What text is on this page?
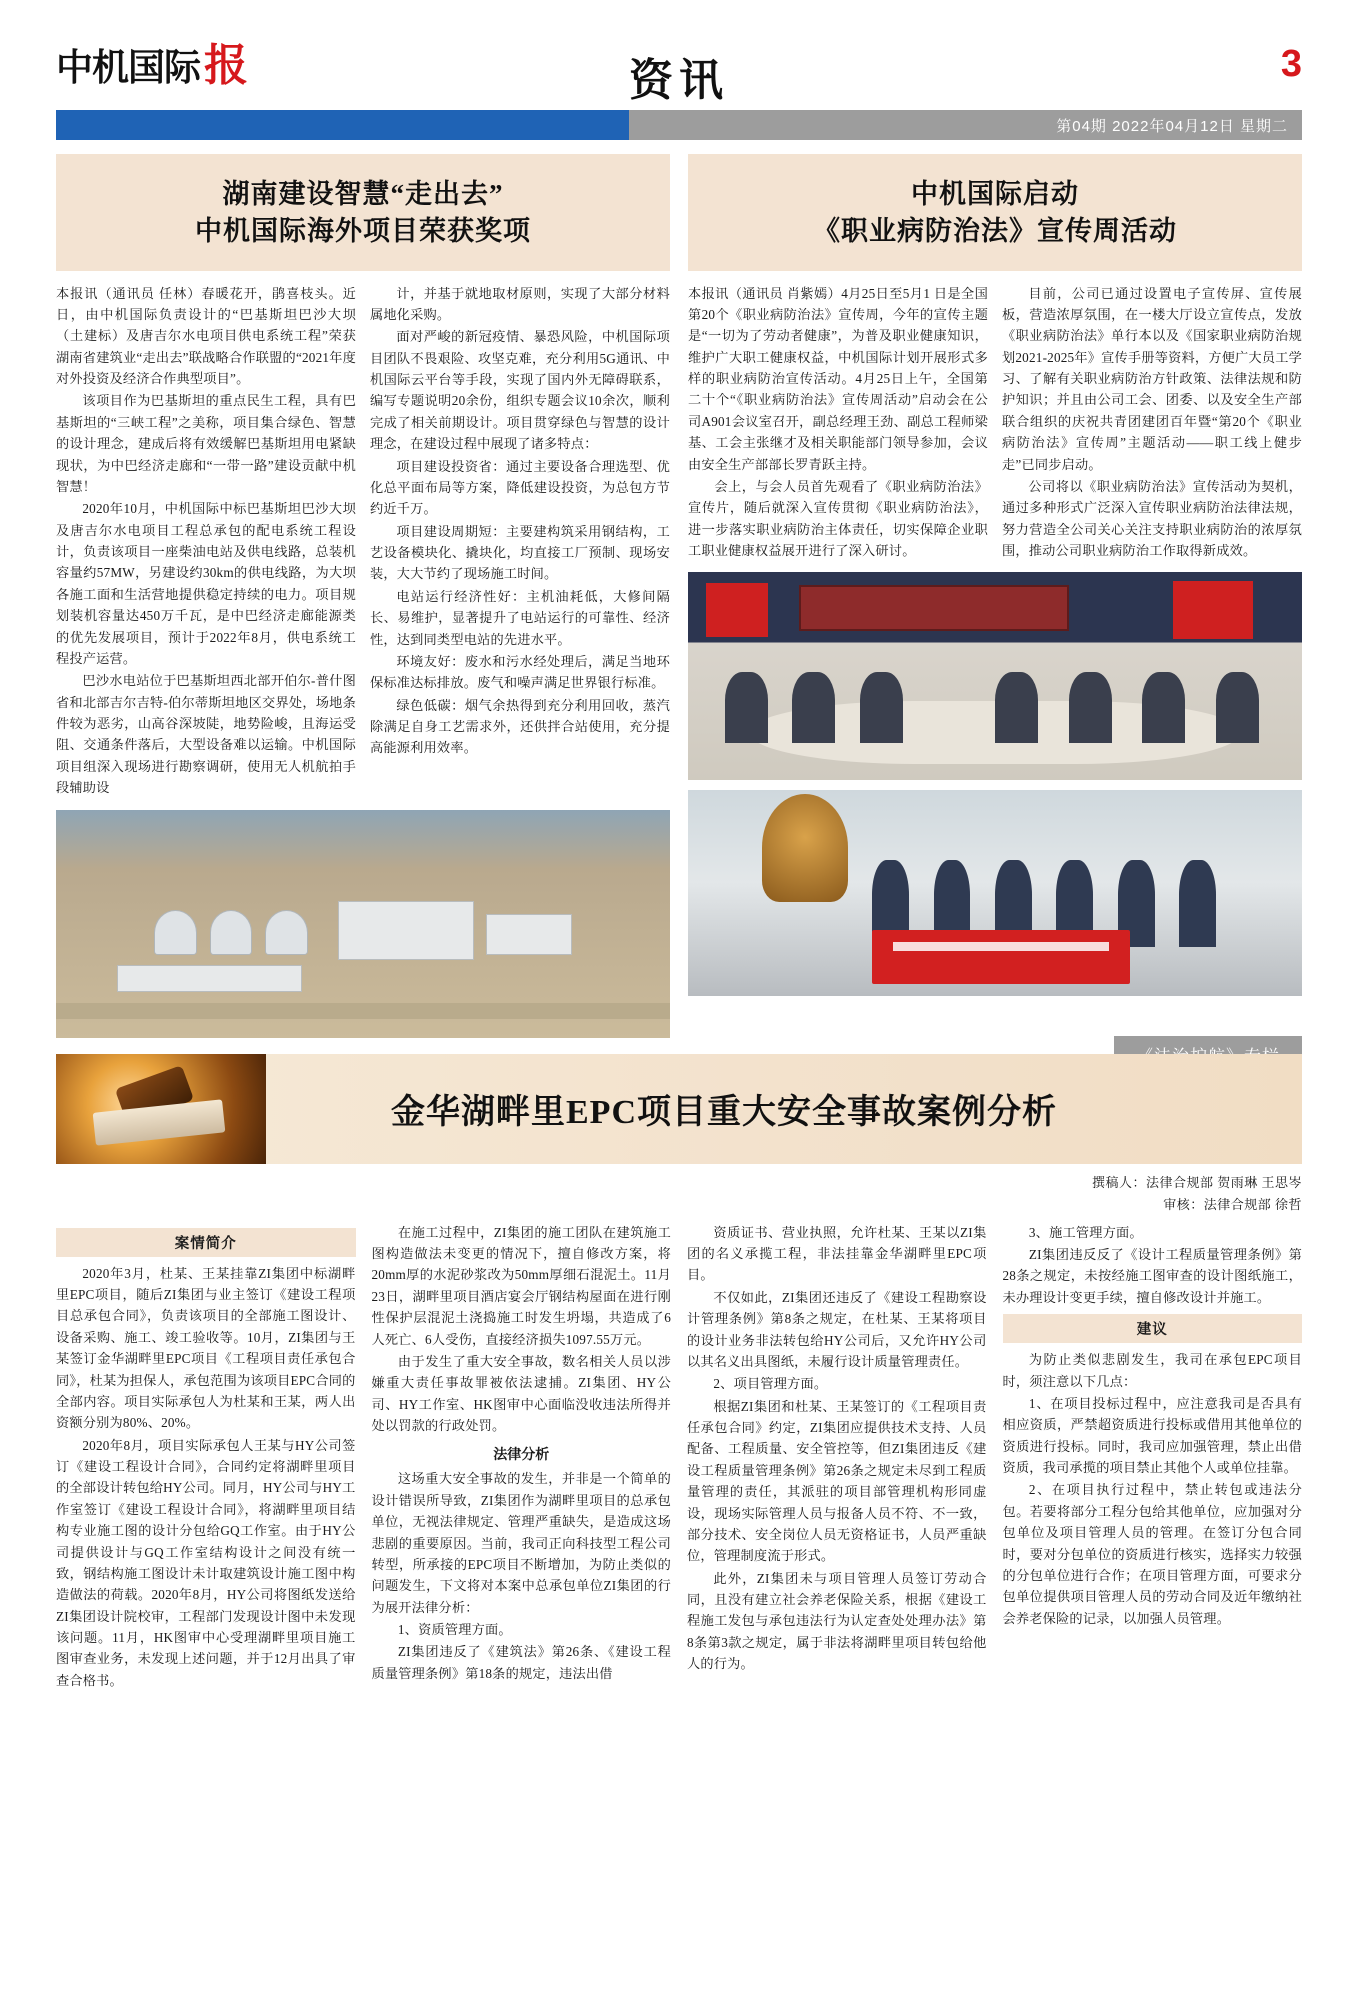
中机国际 报	资讯	3
第04期 2022年04月12日 星期二
湖南建设智慧“走出去”
中机国际海外项目荣获奖项

本报讯（通讯员 任林）春暖花开，鹃喜枝头。近日，由中机国际负责设计的“巴基斯坦巴沙大坝（土建标）及唐吉尔水电项目供电系统工程”荣获湖南省建筑业“走出去”联战略合作联盟的“2021年度对外投资及经济合作典型项目”。

该项目作为巴基斯坦的重点民生工程，具有巴基斯坦的“三峡工程”之美称，项目集合绿色、智慧的设计理念，建成后将有效缓解巴基斯坦用电紧缺现状，为中巴经济走廊和“一带一路”建设贡献中机智慧！

2020年10月，中机国际中标巴基斯坦巴沙大坝及唐吉尔水电项目工程总承包的配电系统工程设计，负责该项目一座柴油电站及供电线路，总装机容量约57MW，另建设约30km的供电线路，为大坝各施工面和生活营地提供稳定持续的电力。项目规划装机容量达450万千瓦，是中巴经济走廊能源类的优先发展项目，预计于2022年8月，供电系统工程投产运营。

巴沙水电站位于巴基斯坦西北部开伯尔-普什图省和北部吉尔吉特-伯尔蒂斯坦地区交界处，场地条件较为恶劣，山高谷深坡陡，地势险峻，且海运受阻、交通条件落后，大型设备难以运输。中机国际项目组深入现场进行勘察调研，使用无人机航拍手段辅助设

计，并基于就地取材原则，实现了大部分材料属地化采购。

面对严峻的新冠疫情、暴恐风险，中机国际项目团队不畏艰险、攻坚克难，充分利用5G通讯、中机国际云平台等手段，实现了国内外无障碍联系，编写专题说明20余份，组织专题会议10余次，顺利完成了相关前期设计。项目贯穿绿色与智慧的设计理念，在建设过程中展现了诸多特点：

项目建设投资省：通过主要设备合理选型、优化总平面布局等方案，降低建设投资，为总包方节约近千万。

项目建设周期短：主要建构筑采用钢结构，工艺设备模块化、撬块化，均直接工厂预制、现场安装，大大节约了现场施工时间。

电站运行经济性好：主机油耗低，大修间隔长、易维护，显著提升了电站运行的可靠性、经济性，达到同类型电站的先进水平。

环境友好：废水和污水经处理后，满足当地环保标准达标排放。废气和噪声满足世界银行标准。

绿色低碳：烟气余热得到充分利用回收，蒸汽除满足自身工艺需求外，还供拌合站使用，充分提高能源利用效率。

中机国际启动
《职业病防治法》宣传周活动

本报讯（通讯员 肖紫嫣）4月25日至5月1 日是全国第20个《职业病防治法》宣传周，今年的宣传主题是“一切为了劳动者健康”，为普及职业健康知识，维护广大职工健康权益，中机国际计划开展形式多样的职业病防治宣传活动。4月25日上午，全国第二十个“《职业病防治法》宣传周活动”启动会在公司A901会议室召开，副总经理王劲、副总工程师梁基、工会主张继才及相关职能部门领导参加，会议由安全生产部部长罗青跃主持。

会上，与会人员首先观看了《职业病防治法》宣传片，随后就深入宣传贯彻《职业病防治法》，进一步落实职业病防治主体责任，切实保障企业职工职业健康权益展开进行了深入研讨。

目前，公司已通过设置电子宣传屏、宣传展板，营造浓厚氛围，在一楼大厅设立宣传点，发放《职业病防治法》单行本以及《国家职业病防治规划2021-2025年》宣传手册等资料，方便广大员工学习、了解有关职业病防治方针政策、法律法规和防护知识；并且由公司工会、团委、以及安全生产部联合组织的庆祝共青团建团百年暨“第20个《职业病防治法》宣传周”主题活动——职工线上健步走”已同步启动。

公司将以《职业病防治法》宣传活动为契机，通过多种形式广泛深入宣传职业病防治法律法规，努力营造全公司关心关注支持职业病防治的浓厚氛围，推动公司职业病防治工作取得新成效。

金华湖畔里EPC项目重大安全事故案例分析
撰稿人：法律合规部 贺雨琳 王思岑
审核：法律合规部 徐哲
案情简介

2020年3月，杜某、王某挂靠ZI集团中标湖畔里EPC项目，随后ZI集团与业主签订《建设工程项目总承包合同》，负责该项目的全部施工图设计、设备采购、施工、竣工验收等。10月，ZI集团与王某签订金华湖畔里EPC项目《工程项目责任承包合同》，杜某为担保人，承包范围为该项目EPC合同的全部内容。项目实际承包人为杜某和王某，两人出资额分别为80%、20%。

2020年8月，项目实际承包人王某与HY公司签订《建设工程设计合同》，合同约定将湖畔里项目的全部设计转包给HY公司。同月，HY公司与HY工作室签订《建设工程设计合同》，将湖畔里项目结构专业施工图的设计分包给GQ工作室。由于HY公司提供设计与GQ工作室结构设计之间没有统一致，钢结构施工图设计未计取建筑设计施工图中构造做法的荷载。2020年8月，HY公司将图纸发送给ZI集团设计院校审，工程部门发现设计图中未发现该问题。11月，HK图审中心受理湖畔里项目施工图审查业务，未发现上述问题，并于12月出具了审查合格书。

在施工过程中，ZI集团的施工团队在建筑施工图构造做法未变更的情况下，擅自修改方案，将20mm厚的水泥砂浆改为50mm厚细石混泥土。11月23日，湖畔里项目酒店宴会厅钢结构屋面在进行刚性保护层混泥土浇捣施工时发生坍塌，共造成了6人死亡、6人受伤，直接经济损失1097.55万元。

由于发生了重大安全事故，数名相关人员以涉嫌重大责任事故罪被依法逮捕。ZI集团、HY公司、HY工作室、HK图审中心面临没收违法所得并处以罚款的行政处罚。

法律分析

这场重大安全事故的发生，并非是一个简单的设计错误所导致，ZI集团作为湖畔里项目的总承包单位，无视法律规定、管理严重缺失，是造成这场悲剧的重要原因。当前，我司正向科技型工程公司转型，所承接的EPC项目不断增加，为防止类似的问题发生，下文将对本案中总承包单位ZI集团的行为展开法律分析：

1、资质管理方面。

ZI集团违反了《建筑法》第26条、《建设工程质量管理条例》第18条的规定，违法出借

资质证书、营业执照，允许杜某、王某以ZI集团的名义承揽工程，非法挂靠金华湖畔里EPC项目。

不仅如此，ZI集团还违反了《建设工程勘察设计管理条例》第8条之规定，在杜某、王某将项目的设计业务非法转包给HY公司后，又允许HY公司以其名义出具图纸，未履行设计质量管理责任。

2、项目管理方面。

根据ZI集团和杜某、王某签订的《工程项目责任承包合同》约定，ZI集团应提供技术支持、人员配备、工程质量、安全管控等，但ZI集团违反《建设工程质量管理条例》第26条之规定未尽到工程质量管理的责任，其派驻的项目部管理机构形同虚设，现场实际管理人员与报备人员不符、不一致，部分技术、安全岗位人员无资格证书，人员严重缺位，管理制度流于形式。

此外，ZI集团未与项目管理人员签订劳动合同，且没有建立社会养老保险关系，根据《建设工程施工发包与承包违法行为认定查处处理办法》第8条第3款之规定，属于非法将湖畔里项目转包给他人的行为。

3、施工管理方面。

ZI集团违反反了《设计工程质量管理条例》第28条之规定，未按经施工图审查的设计图纸施工，未办理设计变更手续，擅自修改设计并施工。

建议

为防止类似悲剧发生，我司在承包EPC项目时，须注意以下几点：

1、在项目投标过程中，应注意我司是否具有相应资质，严禁超资质进行投标或借用其他单位的资质进行投标。同时，我司应加强管理，禁止出借资质，我司承揽的项目禁止其他个人或单位挂靠。

2、在项目执行过程中，禁止转包或违法分包。若要将部分工程分包给其他单位，应加强对分包单位及项目管理人员的管理。在签订分包合同时，要对分包单位的资质进行核实，选择实力较强的分包单位进行合作；在项目管理方面，可要求分包单位提供项目管理人员的劳动合同及近年缴纳社会养老保险的记录，以加强人员管理。
